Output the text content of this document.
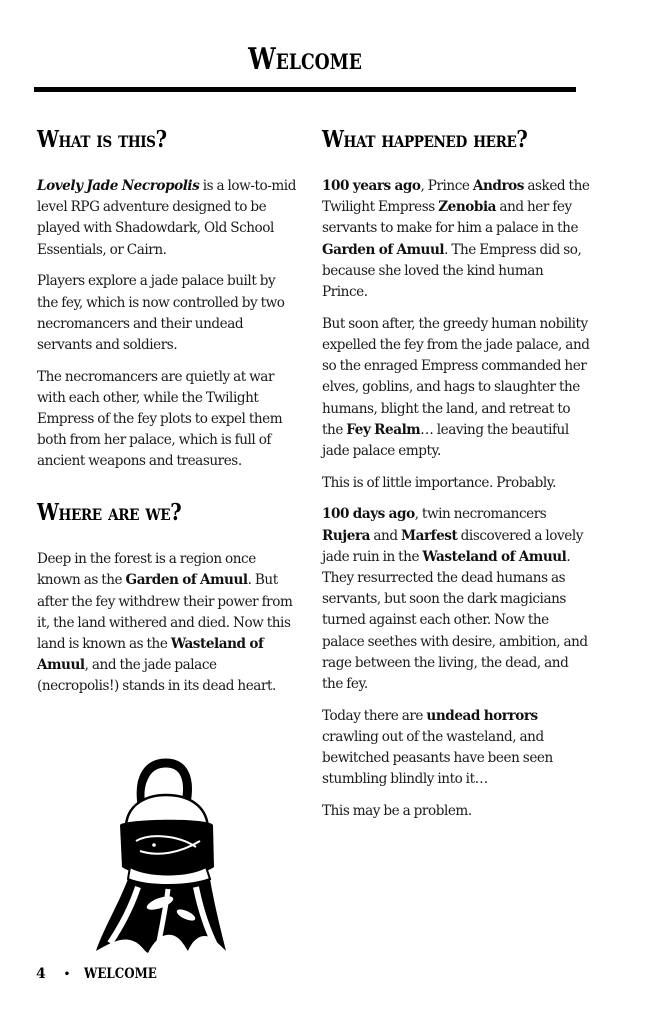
Welcome
What is this?

Lovely Jade Necropolis is a low-to-mid level RPG adventure designed to be played with Shadowdark, Old School Essentials, or Cairn.

Players explore a jade palace built by the fey, which is now controlled by two necromancers and their undead servants and soldiers.

The necromancers are quietly at war with each other, while the Twilight Empress of the fey plots to expel them both from her palace, which is full of ancient weapons and treasures.

Where are we?

Deep in the forest is a region once known as the Garden of Amuul. But after the fey withdrew their power from it, the land withered and died. Now this land is known as the Wasteland of Amuul, and the jade palace (necropolis!) stands in its dead heart.

What happened here?

100 years ago, Prince Andros asked the Twilight Empress Zenobia and her fey servants to make for him a palace in the Garden of Amuul. The Empress did so, because she loved the kind human Prince.

But soon after, the greedy human nobility expelled the fey from the jade palace, and so the enraged Empress commanded her elves, goblins, and hags to slaughter the humans, blight the land, and retreat to the Fey Realm… leaving the beautiful jade palace empty.

This is of little importance. Probably.

100 days ago, twin necromancers Rujera and Marfest discovered a lovely jade ruin in the Wasteland of Amuul. They resurrected the dead humans as servants, but soon the dark magicians turned against each other. Now the palace seethes with desire, ambition, and rage between the living, the dead, and the fey.

Today there are undead horrors crawling out of the wasteland, and bewitched peasants have been seen stumbling blindly into it…

This may be a problem.

4 • WELCOME
